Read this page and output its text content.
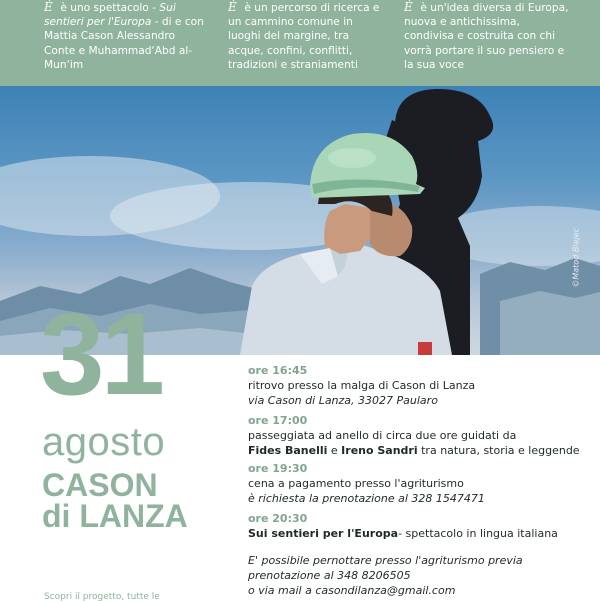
È è uno spettacolo - Sui sentieri per l'Europa - di e con Mattia Cason Alessandro Conte e Muhammad‘Abd al-Mun‘im
È è un percorso di ricerca e un cammino comune in luoghi del margine, tra acque, confini, conflitti, tradizioni e straniamenti
È è un'idea diversa di Europa, nuova e antichissima, condivisa e costruita con chi vorrà portare il suo pensiero e la sua voce
©Matod Blejec
31
agosto
CASON
di LANZA
ore 16:45
ritrovo presso la malga di Cason di Lanza
via Cason di Lanza, 33027 Paularo
ore 17:00
passeggiata ad anello di circa due ore guidati da
Fides Banelli e Ireno Sandri tra natura, storia e leggende
ore 19:30
cena a pagamento presso l'agriturismo
è richiesta la prenotazione al 328 1547471
ore 20:30
Sui sentieri per l'Europa- spettacolo in lingua italiana
E' possibile pernottare presso l'agriturismo previa
prenotazione al 348 8206505
o via mail a casondilanza@gmail.com
Scopri il progetto, tutte le
